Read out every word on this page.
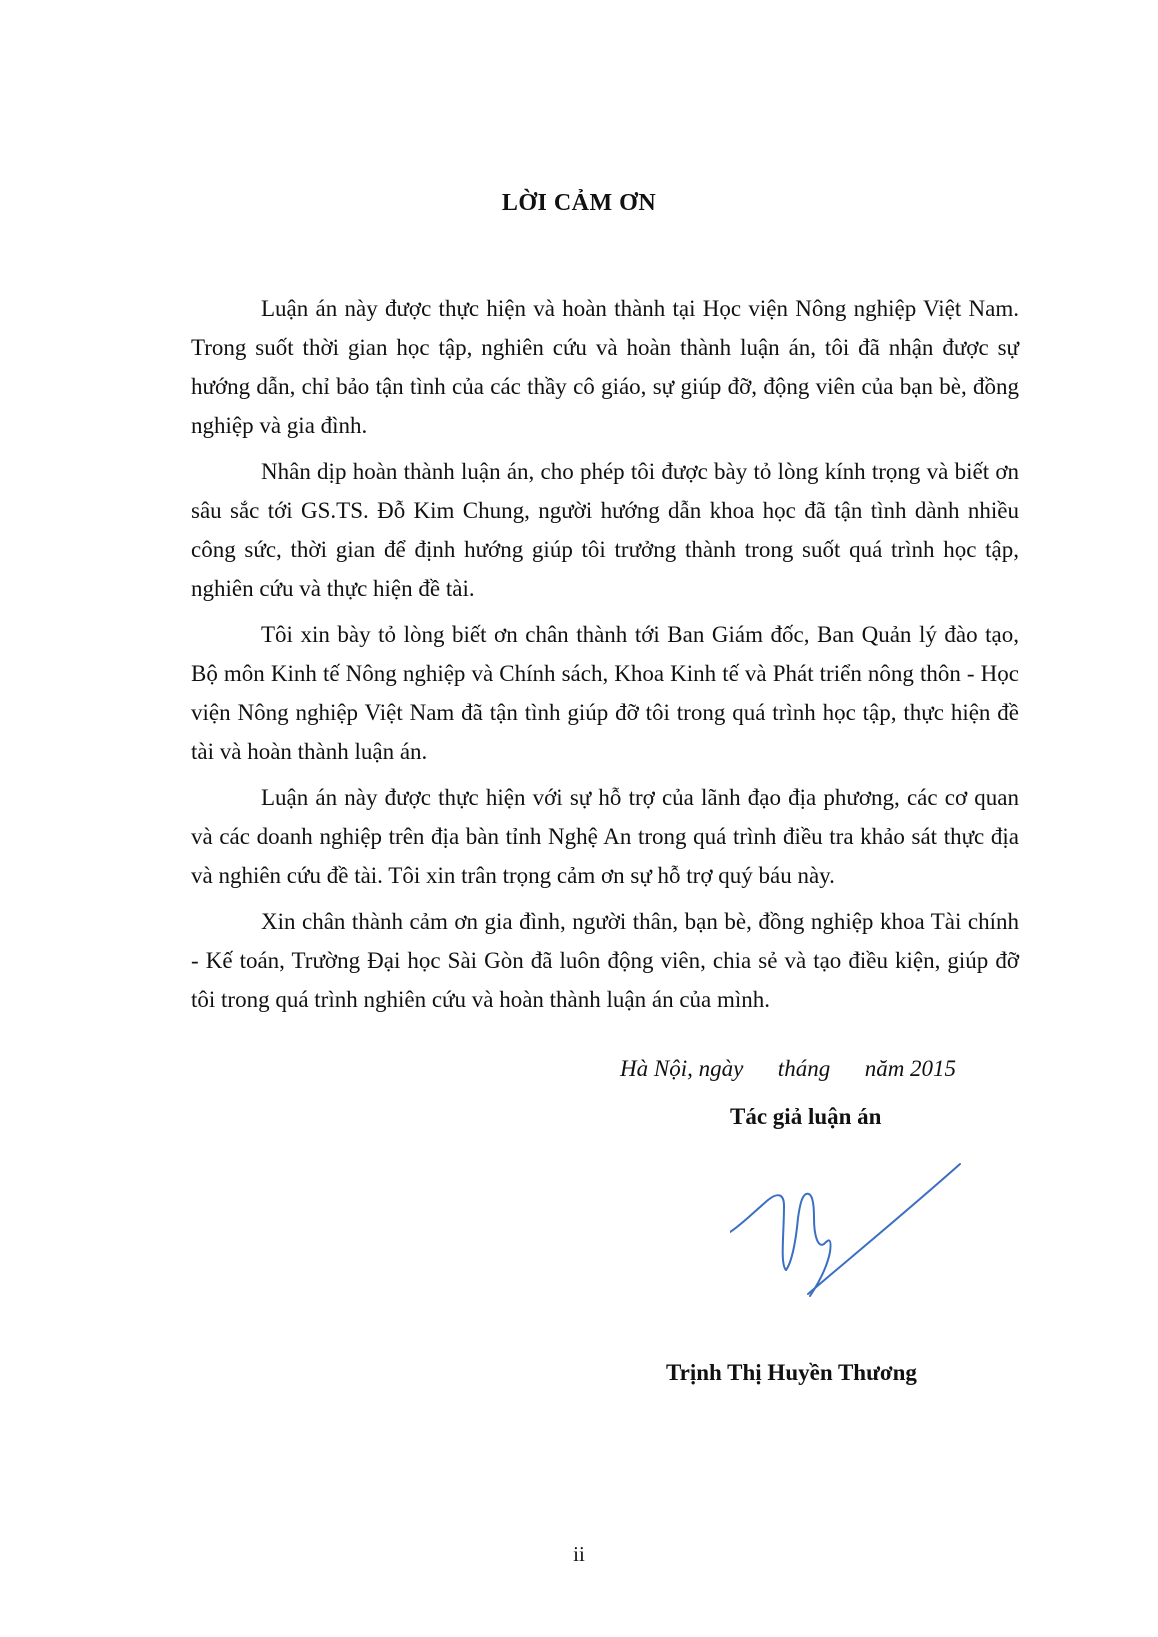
LỜI CẢM ƠN

Luận án này được thực hiện và hoàn thành tại Học viện Nông nghiệp Việt Nam. Trong suốt thời gian học tập, nghiên cứu và hoàn thành luận án, tôi đã nhận được sự hướng dẫn, chỉ bảo tận tình của các thầy cô giáo, sự giúp đỡ, động viên của bạn bè, đồng nghiệp và gia đình.

Nhân dịp hoàn thành luận án, cho phép tôi được bày tỏ lòng kính trọng và biết ơn sâu sắc tới GS.TS. Đỗ Kim Chung, người hướng dẫn khoa học đã tận tình dành nhiều công sức, thời gian để định hướng giúp tôi trưởng thành trong suốt quá trình học tập, nghiên cứu và thực hiện đề tài.

Tôi xin bày tỏ lòng biết ơn chân thành tới Ban Giám đốc, Ban Quản lý đào tạo, Bộ môn Kinh tế Nông nghiệp và Chính sách, Khoa Kinh tế và Phát triển nông thôn - Học viện Nông nghiệp Việt Nam đã tận tình giúp đỡ tôi trong quá trình học tập, thực hiện đề tài và hoàn thành luận án.

Luận án này được thực hiện với sự hỗ trợ của lãnh đạo địa phương, các cơ quan và các doanh nghiệp trên địa bàn tỉnh Nghệ An trong quá trình điều tra khảo sát thực địa và nghiên cứu đề tài. Tôi xin trân trọng cảm ơn sự hỗ trợ quý báu này.

Xin chân thành cảm ơn gia đình, người thân, bạn bè, đồng nghiệp khoa Tài chính - Kế toán, Trường Đại học Sài Gòn đã luôn động viên, chia sẻ và tạo điều kiện, giúp đỡ tôi trong quá trình nghiên cứu và hoàn thành luận án của mình.

Hà Nội, ngày      tháng      năm 2015

Tác giả luận án

Trịnh Thị Huyền Thương

ii
